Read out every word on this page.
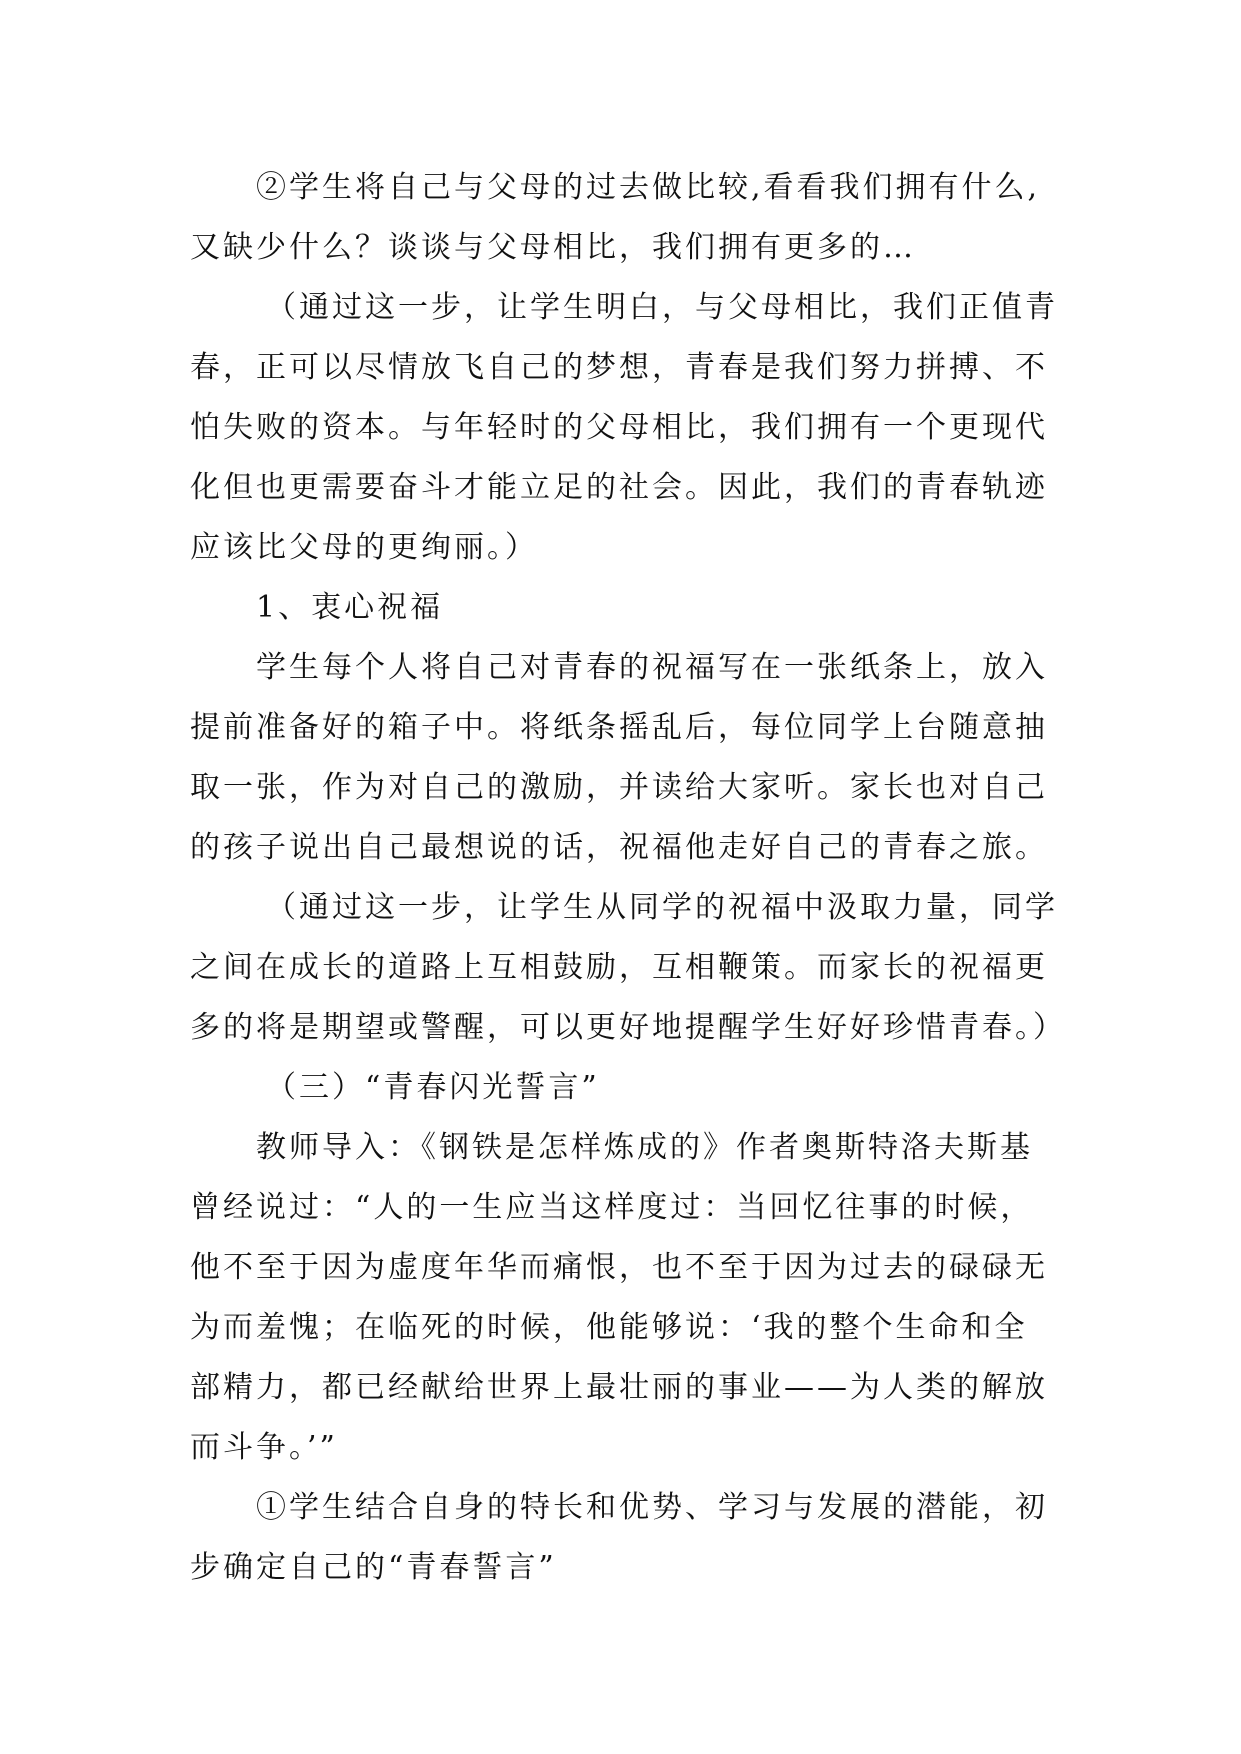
②学生将自己与父母的过去做比较,看看我们拥有什么,
又缺少什么？谈谈与父母相比，我们拥有更多的…
（通过这一步，让学生明白，与父母相比，我们正值青
春，正可以尽情放飞自己的梦想，青春是我们努力拼搏、不
怕失败的资本。与年轻时的父母相比，我们拥有一个更现代
化但也更需要奋斗才能立足的社会。因此，我们的青春轨迹
应该比父母的更绚丽。）
1、衷心祝福
学生每个人将自己对青春的祝福写在一张纸条上，放入
提前准备好的箱子中。将纸条摇乱后，每位同学上台随意抽
取一张，作为对自己的激励，并读给大家听。家长也对自己
的孩子说出自己最想说的话，祝福他走好自己的青春之旅。
（通过这一步，让学生从同学的祝福中汲取力量，同学
之间在成长的道路上互相鼓励，互相鞭策。而家长的祝福更
多的将是期望或警醒，可以更好地提醒学生好好珍惜青春。）
（三）“青春闪光誓言”
教师导入：《钢铁是怎样炼成的》作者奥斯特洛夫斯基
曾经说过：“人的一生应当这样度过：当回忆往事的时候，
他不至于因为虚度年华而痛恨，也不至于因为过去的碌碌无
为而羞愧；在临死的时候，他能够说：‘我的整个生命和全
部精力，都已经献给世界上最壮丽的事业——为人类的解放
而斗争。’”
①学生结合自身的特长和优势、学习与发展的潜能，初
步确定自己的“青春誓言”
